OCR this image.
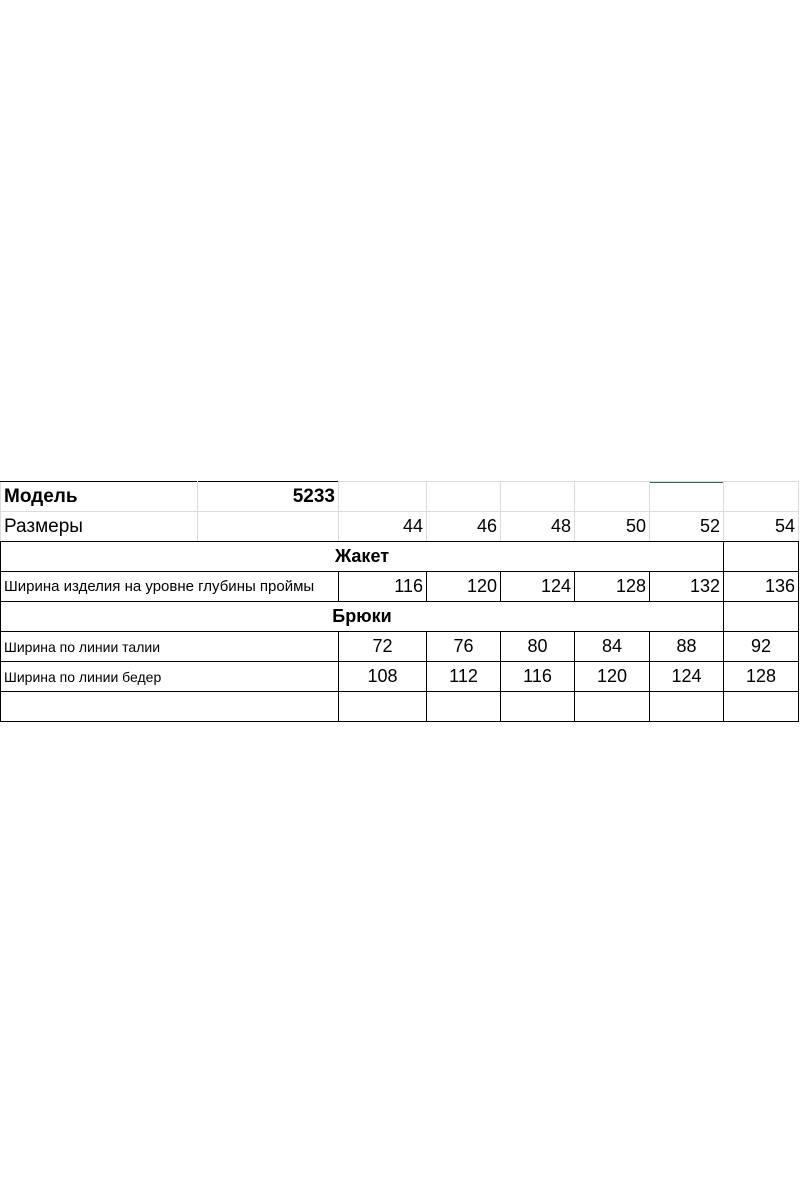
Модель	5233						
Размеры		44	46	48	50	52	54
Жакет							
Ширина изделия на уровне глубины проймы		116	120	124	128	132	136
Брюки							
Ширина по линии талии		72	76	80	84	88	92
Ширина по линии бедер		108	112	116	120	124	128
